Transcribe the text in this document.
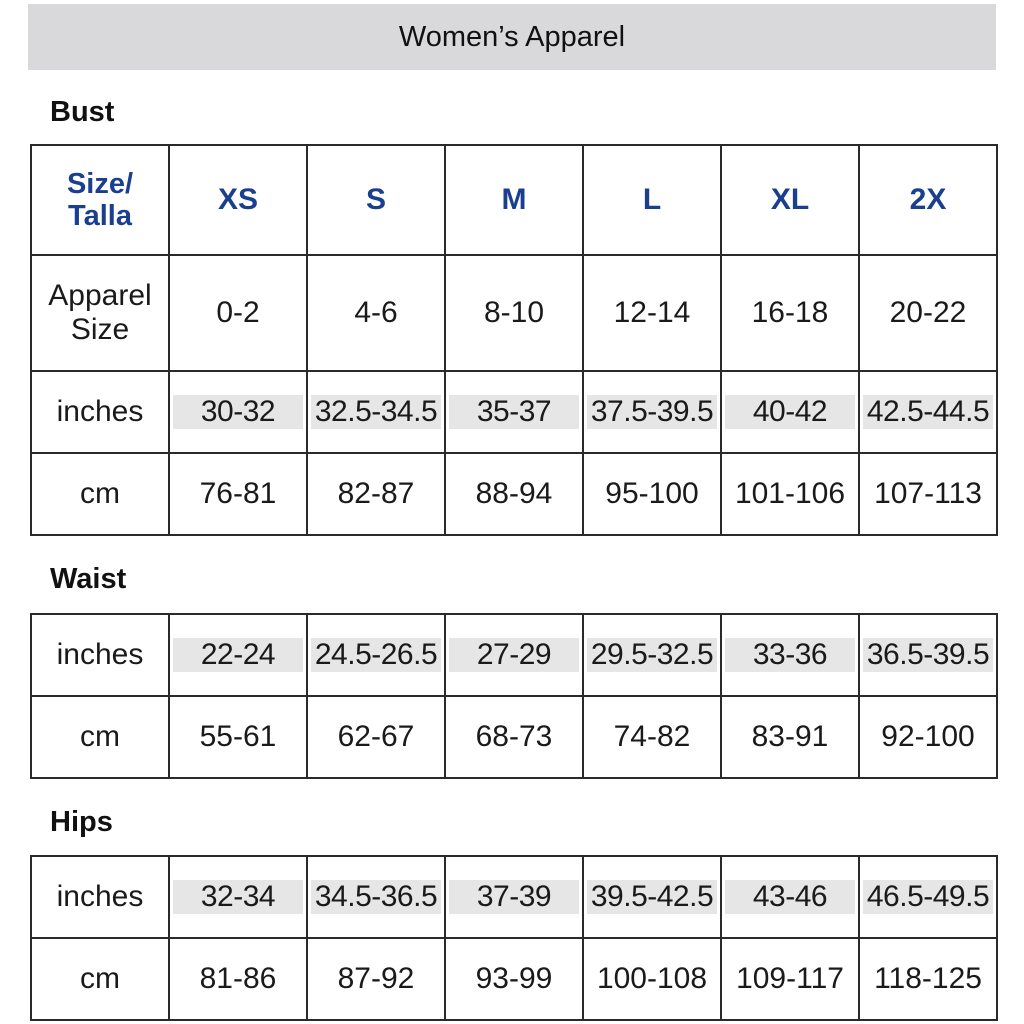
Women’s Apparel
Bust
Size/
Talla	XS	S	M	L	XL	2X
Apparel
Size	0-2	4-6	8-10	12-14	16-18	20-22
inches	30-32	32.5-34.5	35-37	37.5-39.5	40-42	42.5-44.5

cm	76-81	82-87	88-94	95-100	101-106	107-113
Waist
inches	22-24	24.5-26.5	27-29	29.5-32.5	33-36	36.5-39.5

cm	55-61	62-67	68-73	74-82	83-91	92-100
Hips
inches	32-34	34.5-36.5	37-39	39.5-42.5	43-46	46.5-49.5

cm	81-86	87-92	93-99	100-108	109-117	118-125
